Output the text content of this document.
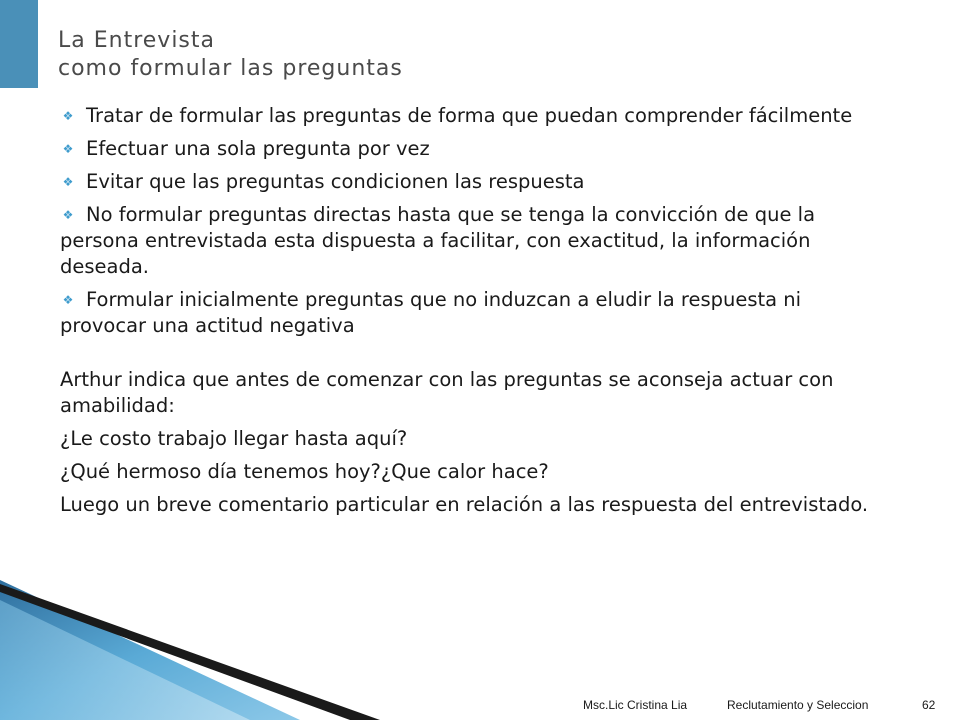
La Entrevista
como formular las preguntas
❖ Tratar de formular las preguntas de forma que puedan comprender fácilmente
❖ Efectuar una sola pregunta por vez
❖ Evitar que las preguntas condicionen las respuesta
❖ No formular preguntas directas hasta que se tenga la convicción de que la persona entrevistada esta dispuesta a facilitar, con exactitud, la información deseada.
❖ Formular inicialmente preguntas que no induzcan a eludir la respuesta ni provocar una actitud negativa

Arthur indica que antes de comenzar con las preguntas se aconseja actuar con amabilidad:

¿Le costo trabajo llegar hasta aquí?

¿Qué hermoso día tenemos hoy?¿Que calor hace?

Luego un breve comentario particular en relación a las respuesta del entrevistado.

Msc.Lic Cristina Lia	Reclutamiento y Seleccion	62
